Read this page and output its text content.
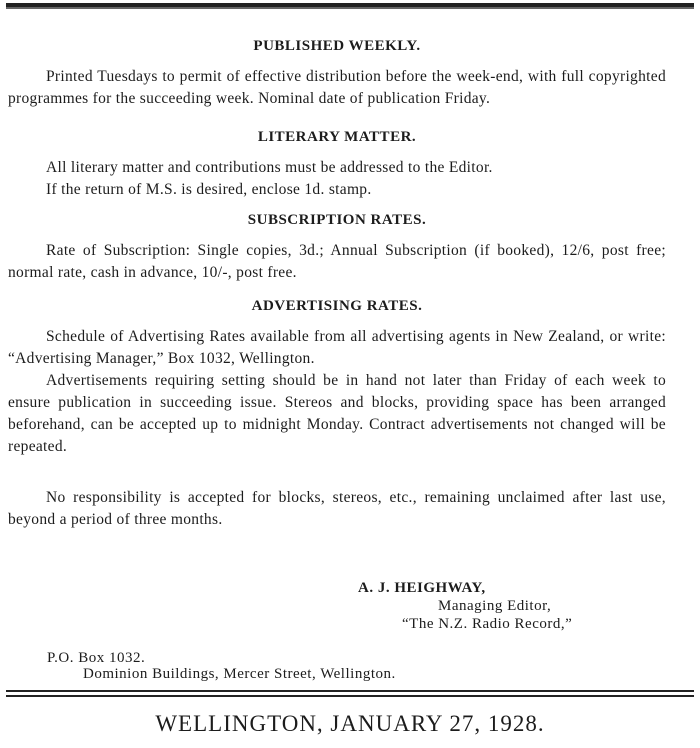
PUBLISHED WEEKLY.

Printed Tuesdays to permit of effective distribution before the week-end, with full copyrighted programmes for the succeeding week. Nominal date of publication Friday.

LITERARY MATTER.

All literary matter and contributions must be addressed to the Editor.

If the return of M.S. is desired, enclose 1d. stamp.

SUBSCRIPTION RATES.

Rate of Subscription: Single copies, 3d.; Annual Subscription (if booked), 12/6, post free; normal rate, cash in advance, 10/-, post free.

ADVERTISING RATES.

Schedule of Advertising Rates available from all advertising agents in New Zealand, or write: “Advertising Manager,” Box 1032, Wellington.

Advertisements requiring setting should be in hand not later than Friday of each week to ensure publication in succeeding issue. Stereos and blocks, providing space has been arranged beforehand, can be accepted up to midnight Monday. Contract advertisements not changed will be repeated.

No responsibility is accepted for blocks, stereos, etc., remaining unclaimed after last use, beyond a period of three months.

A. J. HEIGHWAY,
Managing Editor,
“The N.Z. Radio Record,”
P.O. Box 1032.
Dominion Buildings, Mercer Street, Wellington.
WELLINGTON, JANUARY 27, 1928.
